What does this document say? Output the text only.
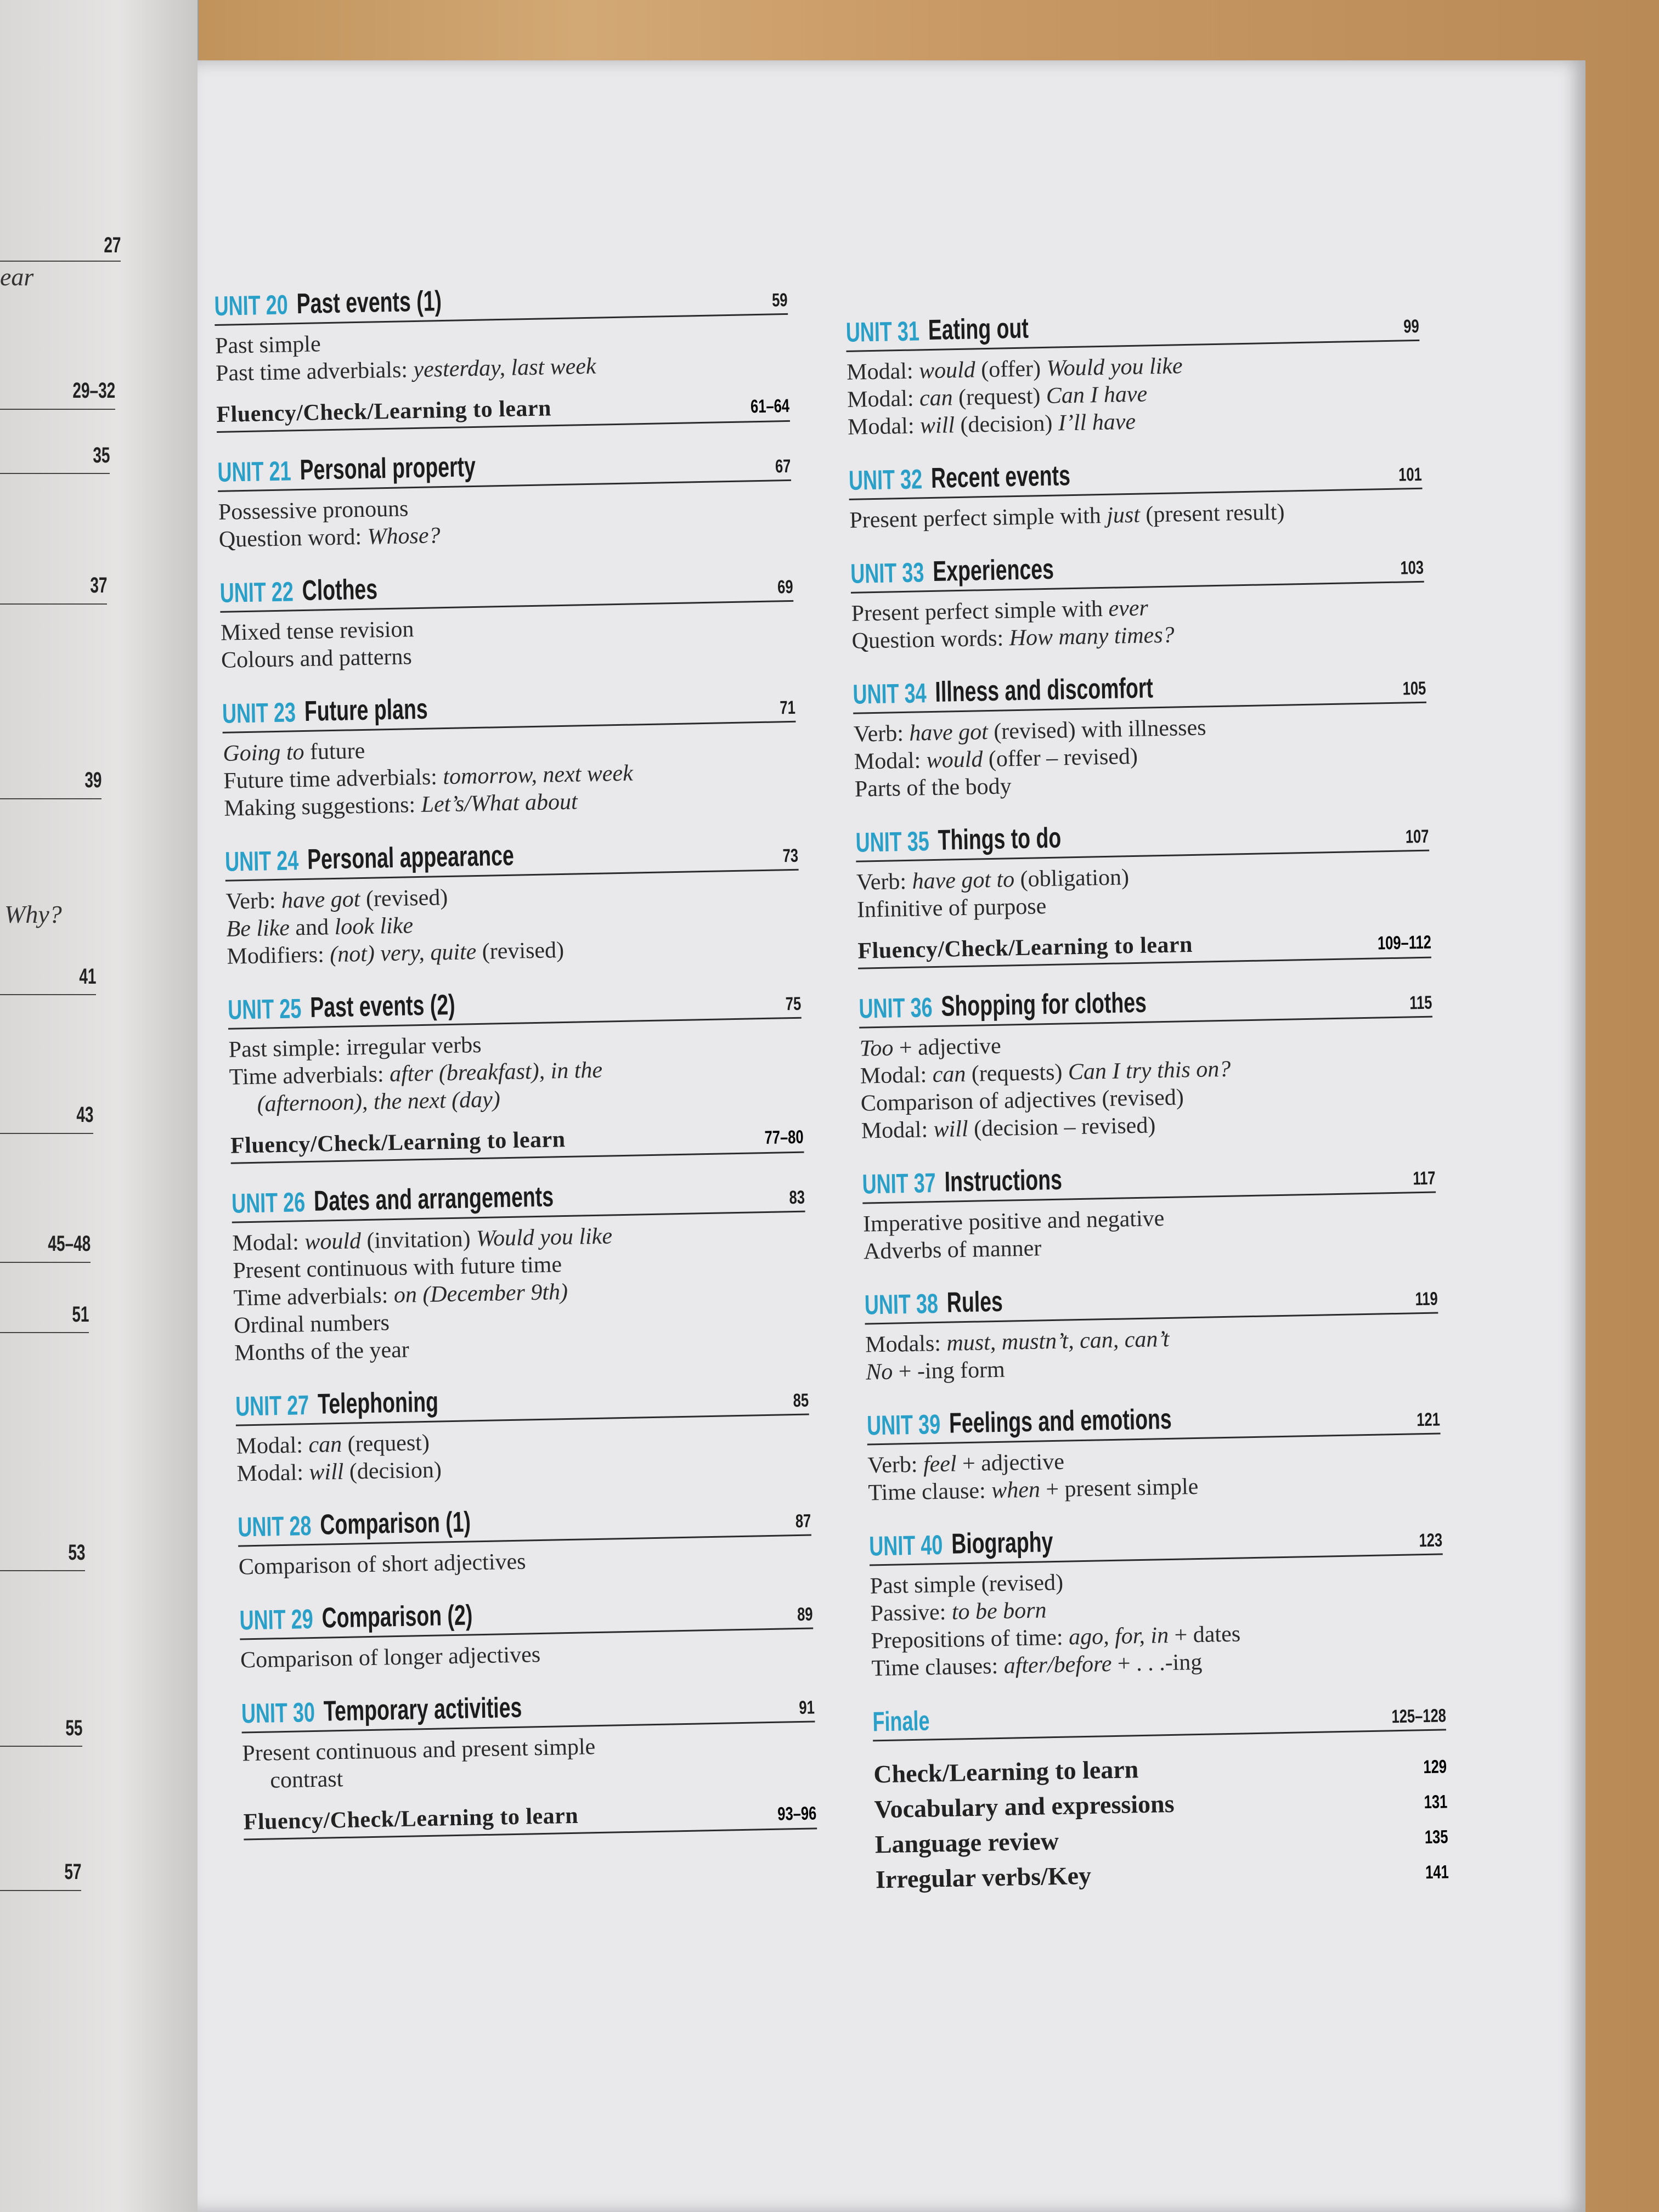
ear
Why?
27
29–32
35
37
39
41
43
45–48
51
53
55
57
UNIT 20 Past events (1)	59
Past simple
Past time adverbials: yesterday, last week
Fluency/Check/Learning to learn	61–64
UNIT 21 Personal property	67
Possessive pronouns
Question word: Whose?
UNIT 22 Clothes	69
Mixed tense revision
Colours and patterns
UNIT 23 Future plans	71
Going to future
Future time adverbials: tomorrow, next week
Making suggestions: Let’s/What about
UNIT 24 Personal appearance	73
Verb: have got (revised)
Be like and look like
Modifiers: (not) very, quite (revised)
UNIT 25 Past events (2)	75
Past simple: irregular verbs
Time adverbials: after (breakfast), in the
(afternoon), the next (day)
Fluency/Check/Learning to learn	77–80
UNIT 26 Dates and arrangements	83
Modal: would (invitation) Would you like
Present continuous with future time
Time adverbials: on (December 9th)
Ordinal numbers
Months of the year
UNIT 27 Telephoning	85
Modal: can (request)
Modal: will (decision)
UNIT 28 Comparison (1)	87
Comparison of short adjectives
UNIT 29 Comparison (2)	89
Comparison of longer adjectives
UNIT 30 Temporary activities	91
Present continuous and present simple
contrast
Fluency/Check/Learning to learn	93–96
UNIT 31 Eating out	99
Modal: would (offer) Would you like
Modal: can (request) Can I have
Modal: will (decision) I’ll have
UNIT 32 Recent events	101
Present perfect simple with just (present result)
UNIT 33 Experiences	103
Present perfect simple with ever
Question words: How many times?
UNIT 34 Illness and discomfort	105
Verb: have got (revised) with illnesses
Modal: would (offer – revised)
Parts of the body
UNIT 35 Things to do	107
Verb: have got to (obligation)
Infinitive of purpose
Fluency/Check/Learning to learn	109–112
UNIT 36 Shopping for clothes	115
Too + adjective
Modal: can (requests) Can I try this on?
Comparison of adjectives (revised)
Modal: will (decision – revised)
UNIT 37 Instructions	117
Imperative positive and negative
Adverbs of manner
UNIT 38 Rules	119
Modals: must, mustn’t, can, can’t
No + -ing form
UNIT 39 Feelings and emotions	121
Verb: feel + adjective
Time clause: when + present simple
UNIT 40 Biography	123
Past simple (revised)
Passive: to be born
Prepositions of time: ago, for, in + dates
Time clauses: after/before + . . .-ing
Finale	125–128
Check/Learning to learn	129
Vocabulary and expressions	131
Language review	135
Irregular verbs/Key	141
